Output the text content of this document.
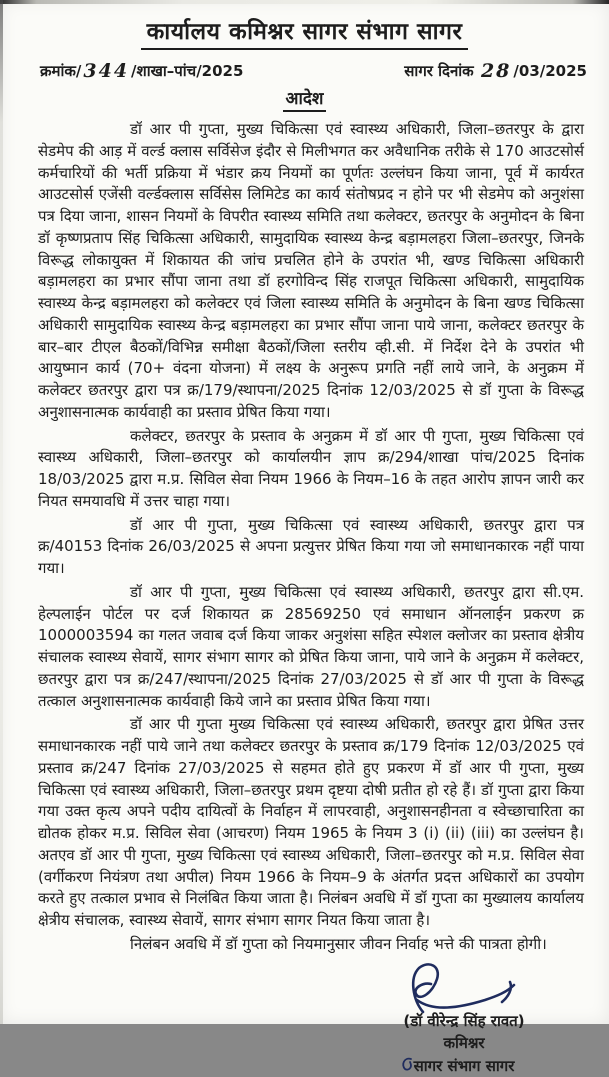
कार्यालय कमिश्नर सागर संभाग सागर
क्रमांक/ 344 /शाखा–पांच/2025	सागर दिनांक 28 /03/2025
आदेश

डॉ आर पी गुप्ता, मुख्य चिकित्सा एवं स्वास्थ्य अधिकारी, जिला–छतरपुर के द्वारा सेडमेप की आड़ में वर्ल्ड क्लास सर्विसेज इंदौर से मिलीभगत कर अवैधानिक तरीके से 170 आउटसोर्स कर्मचारियों की भर्ती प्रक्रिया में भंडार क्रय नियमों का पूर्णतः उल्लंघन किया जाना, पूर्व में कार्यरत आउटसोर्स एजेंसी वर्ल्डक्लास सर्विसेस लिमिटेड का कार्य संतोषप्रद न होने पर भी सेडमेप को अनुशंसा पत्र दिया जाना, शासन नियमों के विपरीत स्वास्थ्य समिति तथा कलेक्टर, छतरपुर के अनुमोदन के बिना डॉ कृष्णप्रताप सिंह चिकित्सा अधिकारी, सामुदायिक स्वास्थ्य केन्द्र बड़ामलहरा जिला–छतरपुर, जिनके विरूद्ध लोकायुक्त में शिकायत की जांच प्रचलित होने के उपरांत भी, खण्ड चिकित्सा अधिकारी बड़ामलहरा का प्रभार सौंपा जाना तथा डॉ हरगोविन्द सिंह राजपूत चिकित्सा अधिकारी, सामुदायिक स्वास्थ्य केन्द्र बड़ामलहरा को कलेक्टर एवं जिला स्वास्थ्य समिति के अनुमोदन के बिना खण्ड चिकित्सा अधिकारी सामुदायिक स्वास्थ्य केन्द्र बड़ामलहरा का प्रभार सौंपा जाना पाये जाना, कलेक्टर छतरपुर के बार–बार टीएल बैठकों/विभिन्न समीक्षा बैठकों/जिला स्तरीय व्ही.सी. में निर्देश देने के उपरांत भी आयुष्मान कार्य (70+ वंदना योजना) में लक्ष्य के अनुरूप प्रगति नहीं लाये जाने, के अनुक्रम में कलेक्टर छतरपुर द्वारा पत्र क्र/179/स्थापना/2025 दिनांक 12/03/2025 से डॉ गुप्ता के विरूद्ध अनुशासनात्मक कार्यवाही का प्रस्ताव प्रेषित किया गया।

कलेक्टर, छतरपुर के प्रस्ताव के अनुक्रम में डॉ आर पी गुप्ता, मुख्य चिकित्सा एवं स्वास्थ्य अधिकारी, जिला–छतरपुर को कार्यालयीन ज्ञाप क्र/294/शाखा पांच/2025 दिनांक 18/03/2025 द्वारा म.प्र. सिविल सेवा नियम 1966 के नियम–16 के तहत आरोप ज्ञापन जारी कर नियत समयावधि में उत्तर चाहा गया।

डॉ आर पी गुप्ता, मुख्य चिकित्सा एवं स्वास्थ्य अधिकारी, छतरपुर द्वारा पत्र क्र/40153 दिनांक 26/03/2025 से अपना प्रत्युत्तर प्रेषित किया गया जो समाधानकारक नहीं पाया गया।

डॉ आर पी गुप्ता, मुख्य चिकित्सा एवं स्वास्थ्य अधिकारी, छतरपुर द्वारा सी.एम. हेल्पलाईन पोर्टल पर दर्ज शिकायत क्र 28569250 एवं समाधान ऑनलाईन प्रकरण क्र 1000003594 का गलत जवाब दर्ज किया जाकर अनुशंसा सहित स्पेशल क्लोजर का प्रस्ताव क्षेत्रीय संचालक स्वास्थ्य सेवायें, सागर संभाग सागर को प्रेषित किया जाना, पाये जाने के अनुक्रम में कलेक्टर, छतरपुर द्वारा पत्र क्र/247/स्थापना/2025 दिनांक 27/03/2025 से डॉ आर पी गुप्ता के विरूद्ध तत्काल अनुशासनात्मक कार्यवाही किये जाने का प्रस्ताव प्रेषित किया गया।

डॉ आर पी गुप्ता मुख्य चिकित्सा एवं स्वास्थ्य अधिकारी, छतरपुर द्वारा प्रेषित उत्तर समाधानकारक नहीं पाये जाने तथा कलेक्टर छतरपुर के प्रस्ताव क्र/179 दिनांक 12/03/2025 एवं प्रस्ताव क्र/247 दिनांक 27/03/2025 से सहमत होते हुए प्रकरण में डॉ आर पी गुप्ता, मुख्य चिकित्सा एवं स्वास्थ्य अधिकारी, जिला–छतरपुर प्रथम दृष्टया दोषी प्रतीत हो रहे हैं। डॉ गुप्ता द्वारा किया गया उक्त कृत्य अपने पदीय दायित्वों के निर्वाहन में लापरवाही, अनुशासनहीनता व स्वेच्छाचारिता का द्योतक होकर म.प्र. सिविल सेवा (आचरण) नियम 1965 के नियम 3 (i) (ii) (iii) का उल्लंघन है। अतएव डॉ आर पी गुप्ता, मुख्य चिकित्सा एवं स्वास्थ्य अधिकारी, जिला–छतरपुर को म.प्र. सिविल सेवा (वर्गीकरण नियंत्रण तथा अपील) नियम 1966 के नियम–9 के अंतर्गत प्रदत्त अधिकारों का उपयोग करते हुए तत्काल प्रभाव से निलंबित किया जाता है। निलंबन अवधि में डॉ गुप्ता का मुख्यालय कार्यालय क्षेत्रीय संचालक, स्वास्थ्य सेवायें, सागर संभाग सागर नियत किया जाता है।

निलंबन अवधि में डॉ गुप्ता को नियमानुसार जीवन निर्वाह भत्ते की पात्रता होगी।

(डॉ वीरेन्द्र सिंह रावत)
कमिश्नर
सागर संभाग सागर
